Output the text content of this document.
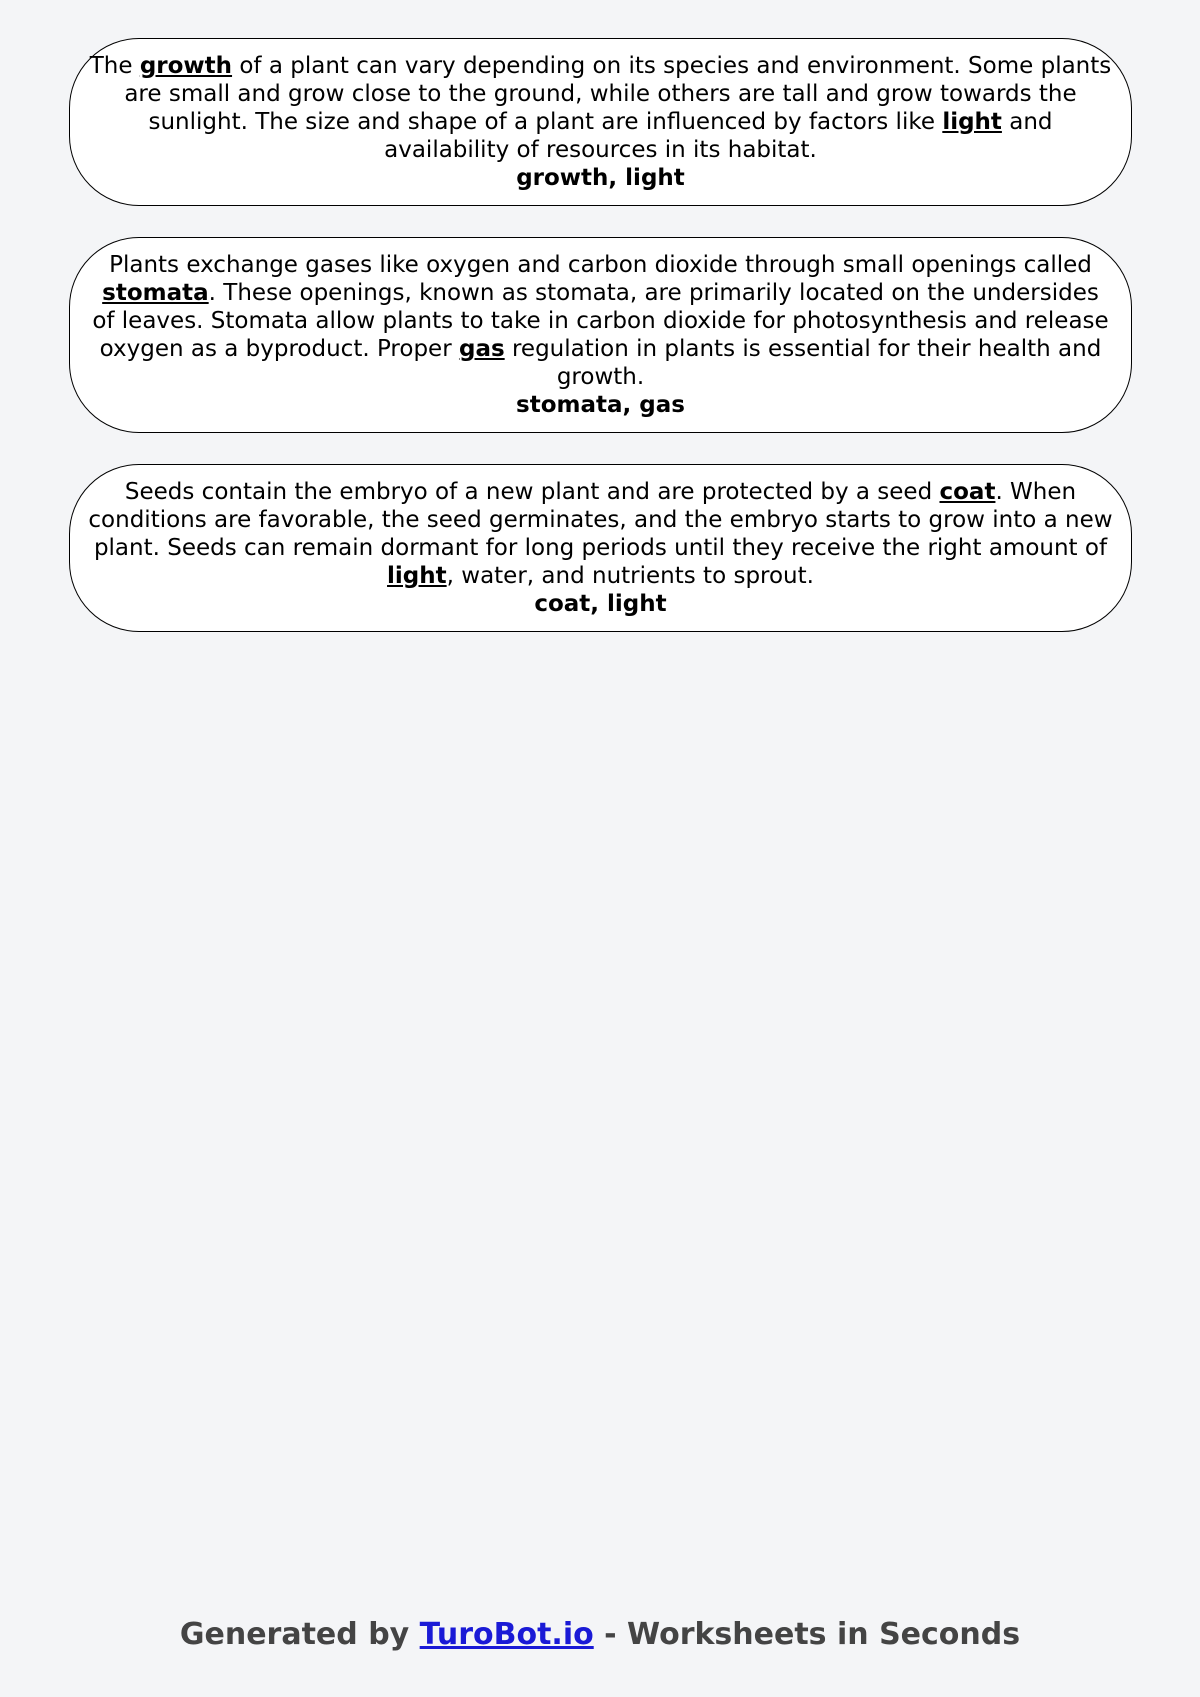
The growth of a plant can vary depending on its species and environment. Some plants are small and grow close to the ground, while others are tall and grow towards the sunlight. The size and shape of a plant are influenced by factors like light and availability of resources in its habitat.
growth, light
Plants exchange gases like oxygen and carbon dioxide through small openings called stomata. These openings, known as stomata, are primarily located on the undersides of leaves. Stomata allow plants to take in carbon dioxide for photosynthesis and release oxygen as a byproduct. Proper gas regulation in plants is essential for their health and growth.
stomata, gas
Seeds contain the embryo of a new plant and are protected by a seed coat. When conditions are favorable, the seed germinates, and the embryo starts to grow into a new plant. Seeds can remain dormant for long periods until they receive the right amount of light, water, and nutrients to sprout.
coat, light
Generated by TuroBot.io - Worksheets in Seconds
